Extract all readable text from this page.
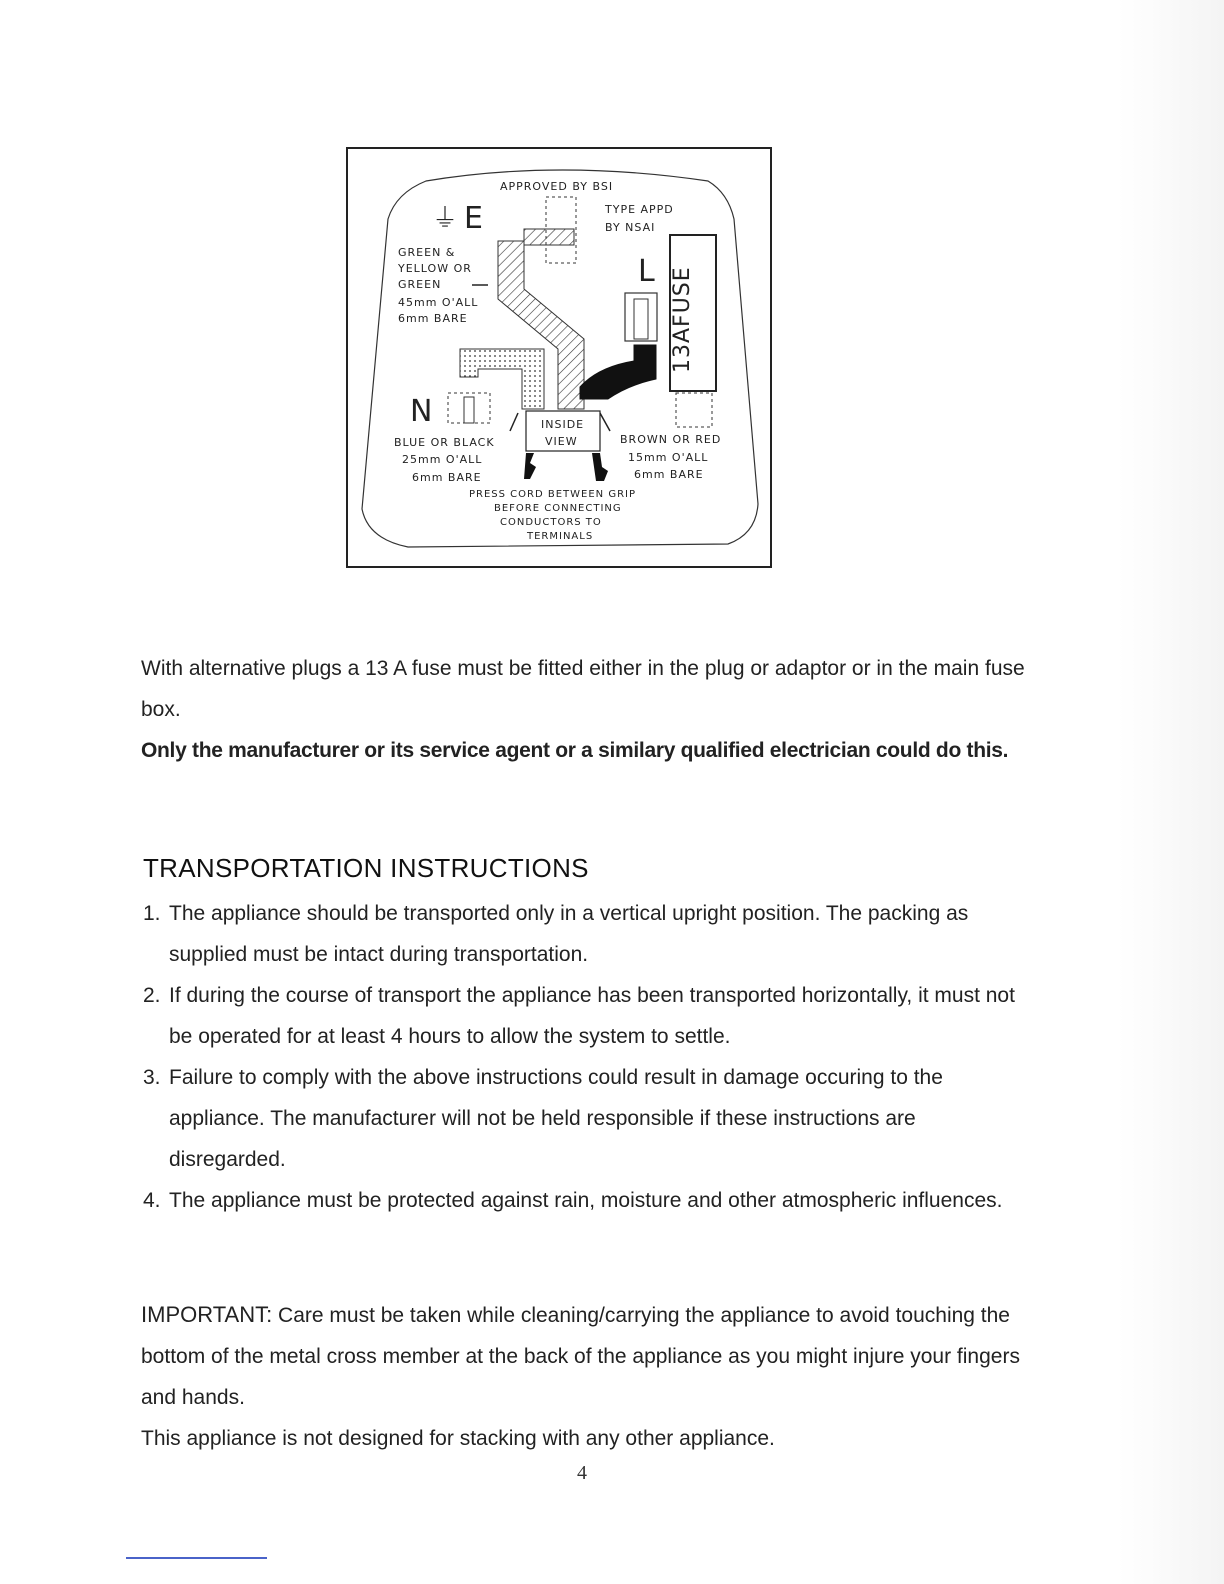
APPROVED BY BSI
TYPE APPD
BY NSAI
⏚ E
GREEN &
YELLOW OR
GREEN
45mm O'ALL
6mm BARE
L 13AFUSE
N	INSIDE
VIEW
BLUE OR BLACK
25mm O'ALL
6mm BARE
BROWN OR RED
15mm O'ALL
6mm BARE
PRESS CORD BETWEEN GRIP
BEFORE CONNECTING
CONDUCTORS TO
TERMINALS

With alternative plugs a 13 A fuse must be fitted either in the plug or adaptor or in the main fuse box.

Only the manufacturer or its service agent or a similary qualified electrician could do this.

TRANSPORTATION INSTRUCTIONS
1. The appliance should be transported only in a vertical upright position. The packing as supplied must be intact during transportation.
2. If during the course of transport the appliance has been transported horizontally, it must not be operated for at least 4 hours to allow the system to settle.
3. Failure to comply with the above instructions could result in damage occuring to the appliance. The manufacturer will not be held responsible if these instructions are disregarded.
4. The appliance must be protected against rain, moisture and other atmospheric influences.

IMPORTANT: Care must be taken while cleaning/carrying the appliance to avoid touching the bottom of the metal cross member at the back of the appliance as you might injure your fingers and hands.

This appliance is not designed for stacking with any other appliance.

4
